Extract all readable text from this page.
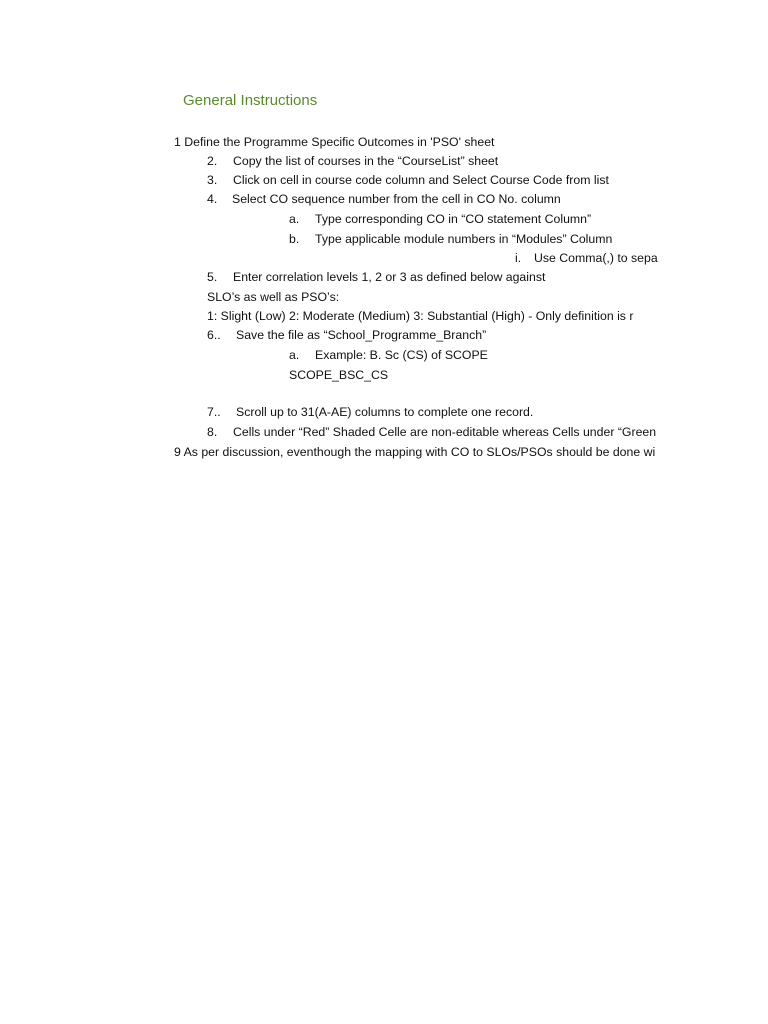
General Instructions
1 Define the Programme Specific Outcomes in 'PSO' sheet
2. Copy the list of courses in the “CourseList” sheet
3. Click on cell in course code column and Select Course Code from list
4. Select CO sequence number from the cell in CO No. column
a. Type corresponding CO in “CO statement Column”
b. Type applicable module numbers in “Modules” Column
i. Use Comma(,) to sepa
5. Enter correlation levels 1, 2 or 3 as defined below against
SLO’s as well as PSO’s:
1: Slight (Low) 2: Moderate (Medium) 3: Substantial (High) - Only definition is r
6.. Save the file as “School_Programme_Branch”
a. Example: B. Sc (CS) of SCOPE
SCOPE_BSC_CS
7.. Scroll up to 31(A-AE) columns to complete one record.
8. Cells under “Red” Shaded Celle are non-editable whereas Cells under “Green
9 As per discussion, eventhough the mapping with CO to SLOs/PSOs should be done wi
